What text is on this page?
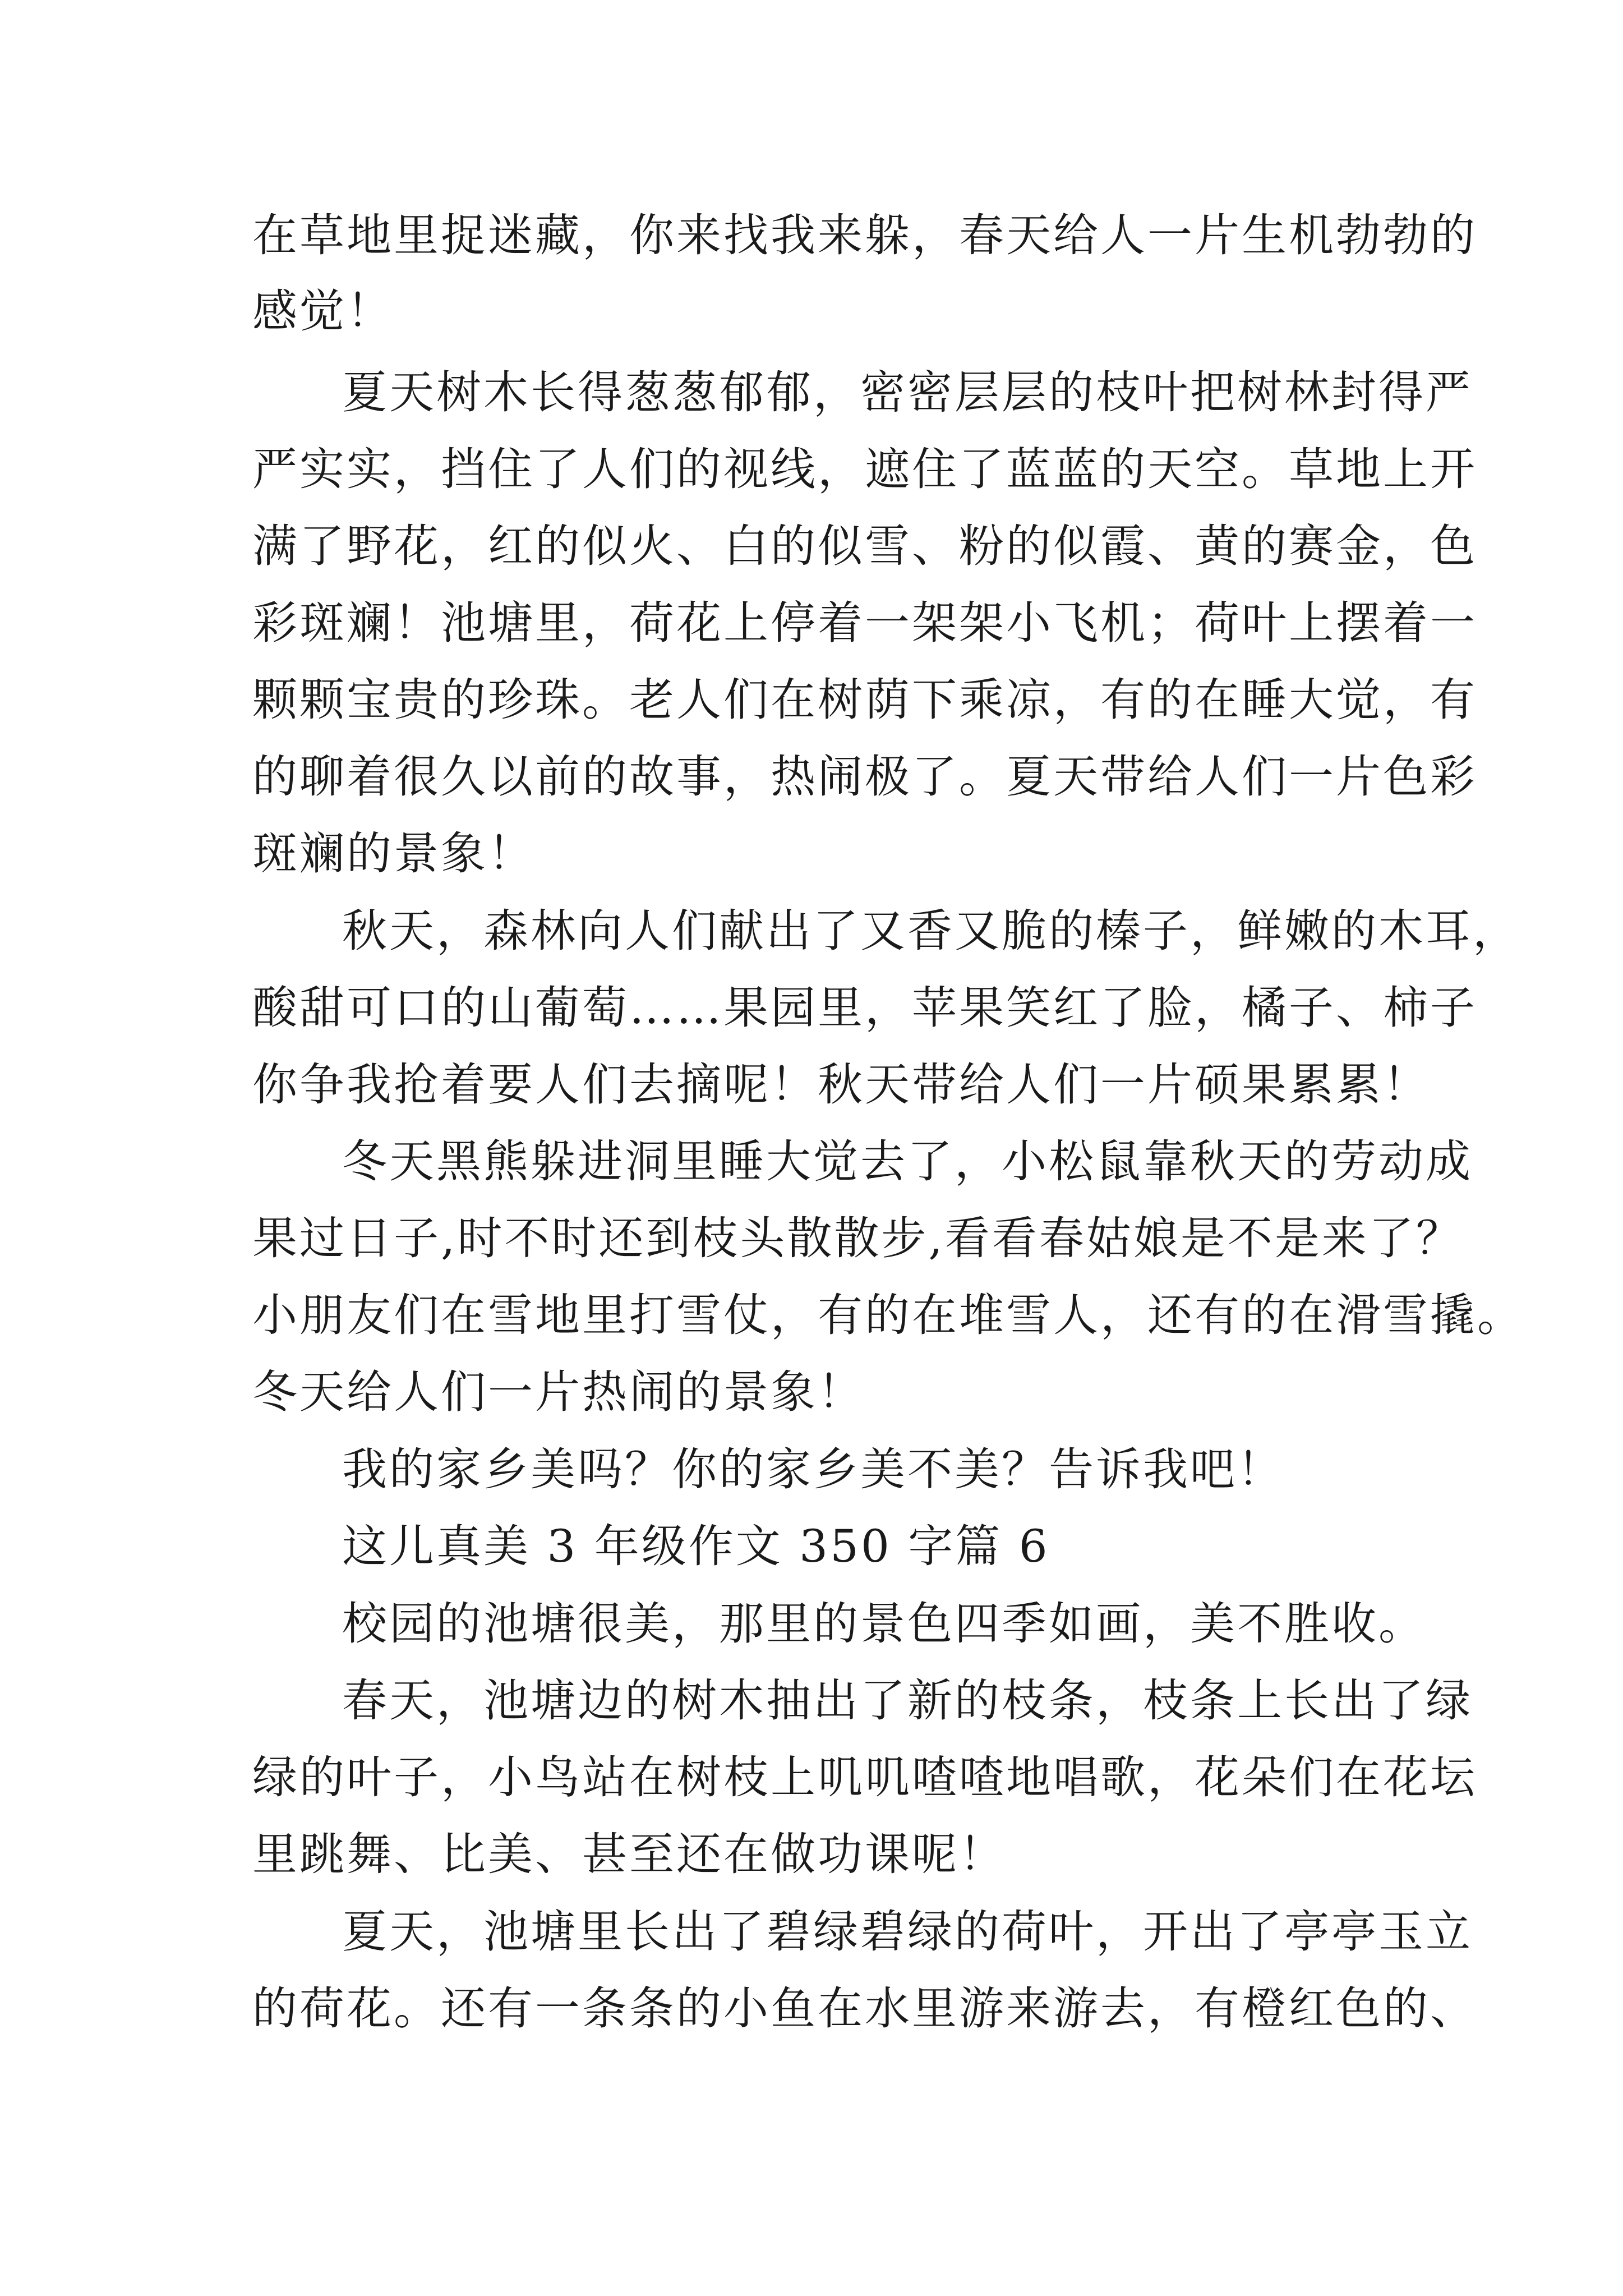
在草地里捉迷藏，你来找我来躲，春天给人一片生机勃勃的
感觉！
夏天树木长得葱葱郁郁，密密层层的枝叶把树林封得严
严实实，挡住了人们的视线，遮住了蓝蓝的天空。草地上开
满了野花，红的似火、白的似雪、粉的似霞、黄的赛金，色
彩斑斓！池塘里，荷花上停着一架架小飞机；荷叶上摆着一
颗颗宝贵的珍珠。老人们在树荫下乘凉，有的在睡大觉，有
的聊着很久以前的故事，热闹极了。夏天带给人们一片色彩
斑斓的景象！
秋天，森林向人们献出了又香又脆的榛子，鲜嫩的木耳，
酸甜可口的山葡萄……果园里，苹果笑红了脸，橘子、柿子
你争我抢着要人们去摘呢！秋天带给人们一片硕果累累！
冬天黑熊躲进洞里睡大觉去了，小松鼠靠秋天的劳动成
果过日子,时不时还到枝头散散步,看看春姑娘是不是来了？
小朋友们在雪地里打雪仗，有的在堆雪人，还有的在滑雪撬。
冬天给人们一片热闹的景象！
我的家乡美吗？你的家乡美不美？告诉我吧！
这儿真美 3 年级作文 350 字篇 6
校园的池塘很美，那里的景色四季如画，美不胜收。
春天，池塘边的树木抽出了新的枝条，枝条上长出了绿
绿的叶子，小鸟站在树枝上叽叽喳喳地唱歌，花朵们在花坛
里跳舞、比美、甚至还在做功课呢！
夏天，池塘里长出了碧绿碧绿的荷叶，开出了亭亭玉立
的荷花。还有一条条的小鱼在水里游来游去，有橙红色的、
